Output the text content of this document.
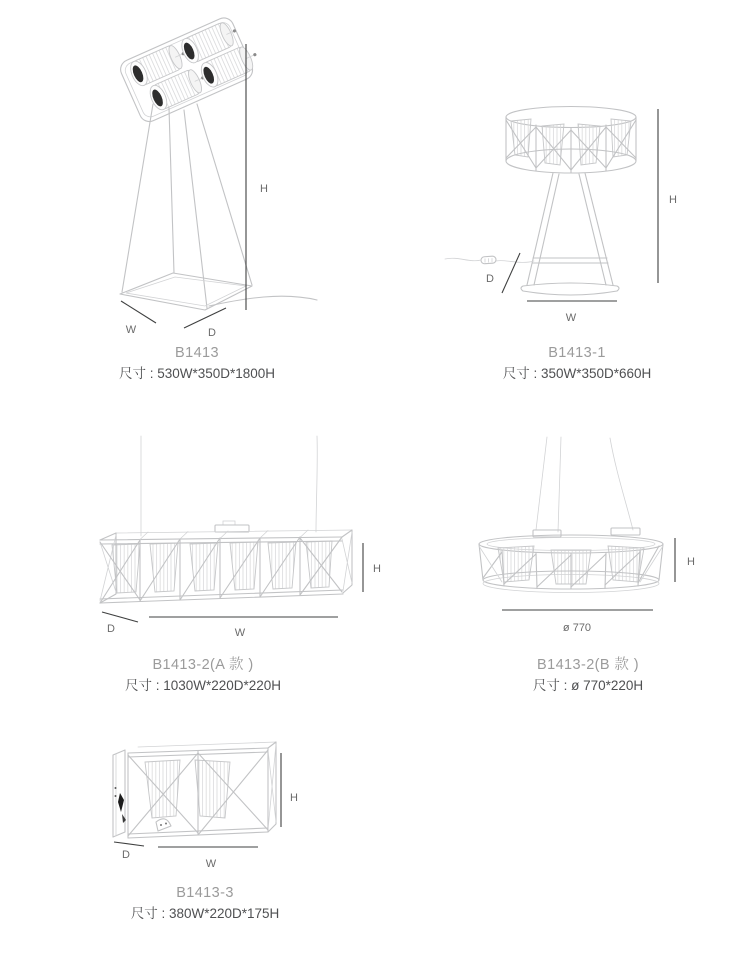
H
W	D
B1413
尺寸 : 530W*350D*1800H
D
H
W
B1413-1
尺寸 : 350W*350D*660H
D	W
H
B1413-2(A 款 )
尺寸 : 1030W*220D*220H
ø 770
H
B1413-2(B 款 )
尺寸 : ø 770*220H
D
W
H
B1413-3
尺寸 : 380W*220D*175H
